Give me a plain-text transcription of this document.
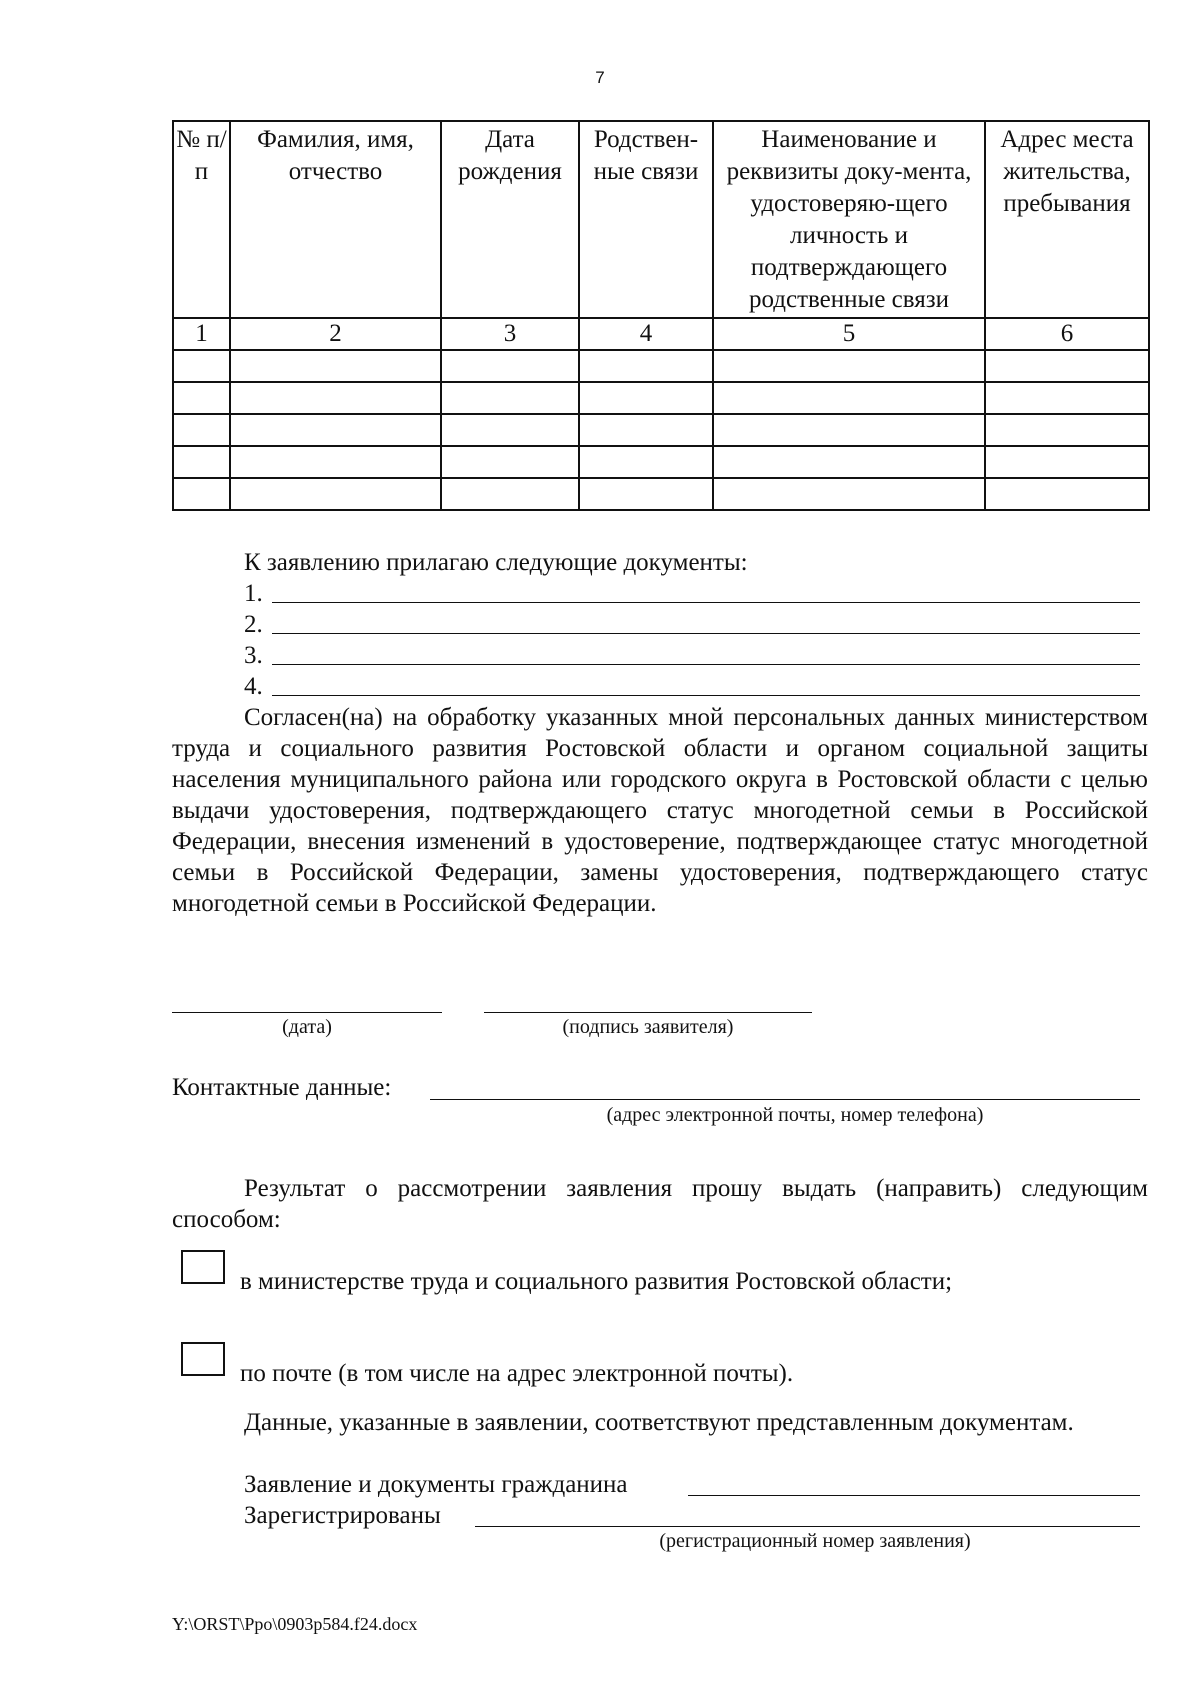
7
№ п/п	Фамилия, имя, отчество	Дата рождения	Родствен-ные связи	Наименование и реквизиты доку-мента, удостоверяю-щего личность и подтверждающего родственные связи	Адрес места жительства, пребывания
1	2	3	4	5	6

К заявлению прилагаю следующие документы:
1.
2.
3.
4.
Согласен(на) на обработку указанных мной персональных данных министерством труда и социального развития Ростовской области и органом социальной защиты населения муниципального района или городского округа в Ростовской области с целью выдачи удостоверения, подтверждающего статус многодетной семьи в Российской Федерации, внесения изменений в удостоверение, подтверждающее статус многодетной семьи в Российской Федерации, замены удостоверения, подтверждающего статус многодетной семьи в Российской Федерации.
(дата)	(подпись заявителя)
Контактные данные:
(адрес электронной почты, номер телефона)
Результат о рассмотрении заявления прошу выдать (направить) следующим способом:
в министерстве труда и социального развития Ростовской области;
по почте (в том числе на адрес электронной почты).
Данные, указанные в заявлении, соответствуют представленным документам.
Заявление и документы гражданина
Зарегистрированы
(регистрационный номер заявления)
Y:\ORST\Ppo\0903p584.f24.docx
